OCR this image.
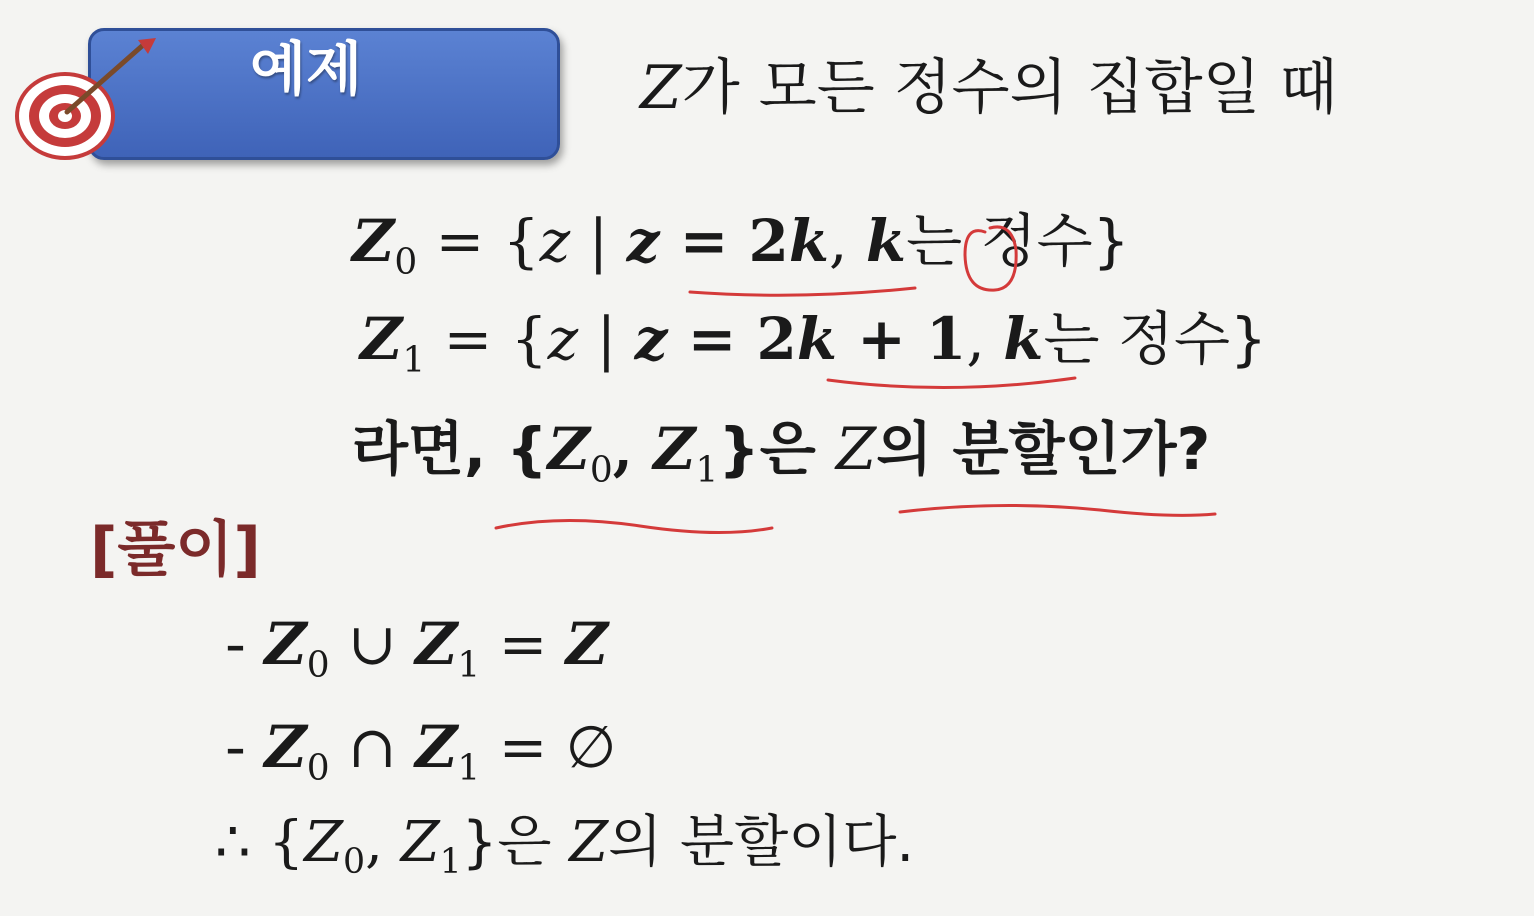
예제	Z가 모든 정수의 집합일 때
$Z_0 = \{z$ | z = 2k, k는 정수}
$Z_1 = \{z$ | z = 2k + 1, k는 정수}
라면, {$Z_0$, $Z_1$}은 Z의 분할인가?
[풀이]
- $Z_0$ ∪ $Z_1 = Z$
- $Z_0$ ∩ $Z_1$ = ∅
∴ {$Z_0$, $Z_1$}은 Z의 분할이다.
